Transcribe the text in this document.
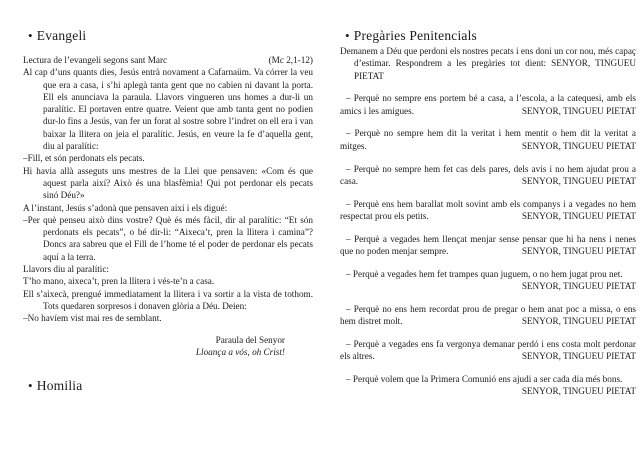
• Evangeli
Lectura de l’evangeli segons sant Marc	(Mc 2,1-12)

Al cap d’uns quants dies, Jesús entrà novament a Cafarnaüm. Va córrer la veu que era a casa, i s’hi aplegà tanta gent que no cabien ni davant la porta. Ell els anunciava la paraula. Llavors vingueren uns homes a dur-li un paralític. El portaven entre quatre. Veient que amb tanta gent no podien dur-lo fins a Jesús, van fer un forat al sostre sobre l’indret on ell era i van baixar la llitera on jeia el paralític. Jesús, en veure la fe d’aquella gent, diu al paralític:

–Fill, et són perdonats els pecats.

Hi havia allà asseguts uns mestres de la Llei que pensaven: «Com és que aquest parla així? Això és una blasfèmia! Qui pot perdonar els pecats sinó Déu?»

A l’instant, Jesús s’adonà que pensaven així i els digué:

–Per què penseu això dins vostre? Què és més fàcil, dir al paralític: “Et són perdonats els pecats”, o bé dir-li: “Aixeca’t, pren la llitera i camina”? Doncs ara sabreu que el Fill de l’home té el poder de perdonar els pecats aquí a la terra.

Llavors diu al paralític:

T’ho mano, aixeca’t, pren la llitera i vés-te’n a casa.

Ell s’aixecà, prengué immediatament la llitera i va sortir a la vista de tothom. Tots quedaren sorpresos i donaven glòria a Déu. Deien:

–No havíem vist mai res de semblant.

Paraula del Senyor
Lloança a vós, oh Crist!
• Homilia
• Pregàries Penitencials

Demanem a Déu que perdoni els nostres pecats i ens doni un cor nou, més capaç d’estimar. Respondrem a les pregàries tot dient: SENYOR, TINGUEU PIETAT

– Perquè no sempre ens portem bé a casa, a l’escola, a la catequesi, amb els amics i les amigues.	SENYOR, TINGUEU PIETAT

– Perquè no sempre hem dit la veritat i hem mentit o hem dit la veritat a mitges.	SENYOR, TINGUEU PIETAT

– Perquè no sempre hem fet cas dels pares, dels avis i no hem ajudat prou a casa.	SENYOR, TINGUEU PIETAT

– Perquè ens hem barallat molt sovint amb els companys i a vegades no hem respectat prou els petits.	SENYOR, TINGUEU PIETAT

– Perquè a vegades hem llençat menjar sense pensar que hi ha nens i nenes que no poden menjar sempre.	SENYOR, TINGUEU PIETAT

– Perquè a vegades hem fet trampes quan juguem, o no hem jugat prou net.
SENYOR, TINGUEU PIETAT

– Perquè no ens hem recordat prou de pregar o hem anat poc a missa, o ens hem distret molt.	SENYOR, TINGUEU PIETAT

– Perquè a vegades ens fa vergonya demanar perdó i ens costa molt perdonar els altres.	SENYOR, TINGUEU PIETAT

– Perquè volem que la Primera Comunió ens ajudi a ser cada dia més bons.
SENYOR, TINGUEU PIETAT
